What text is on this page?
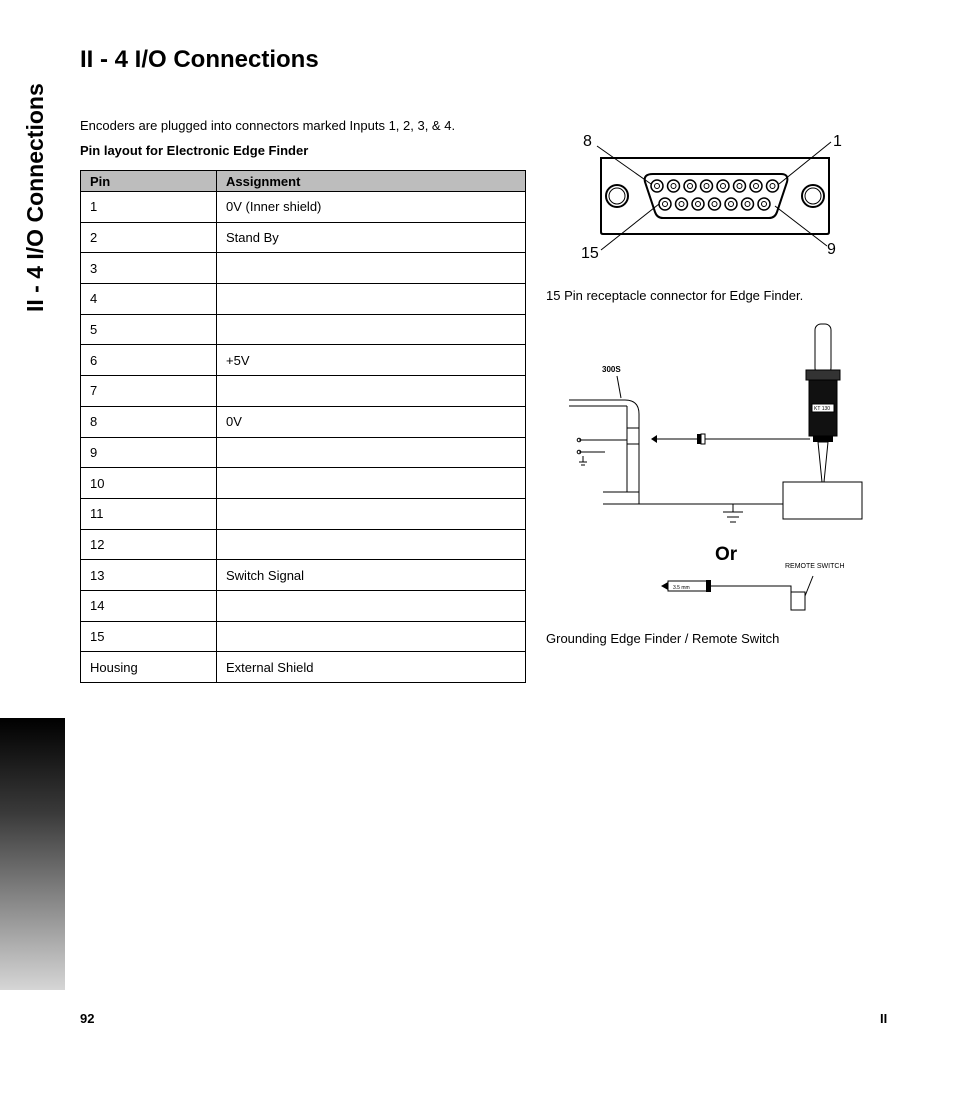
II - 4 I/O Connections
II - 4 I/O Connections
Encoders are plugged into connectors marked Inputs 1, 2, 3, & 4.
Pin layout for Electronic Edge Finder
Pin	Assignment
1	0V (Inner shield)
2	Stand By
3	
4	
5	
6	+5V
7	
8	0V
9	
10	
11	
12	
13	Switch Signal
14	
15	
Housing	External Shield
8	1
15	9
15 Pin receptacle connector for Edge Finder.
300S
KT 130
Or
REMOTE SWITCH
3.5 mm
Grounding Edge Finder / Remote Switch
92	II
